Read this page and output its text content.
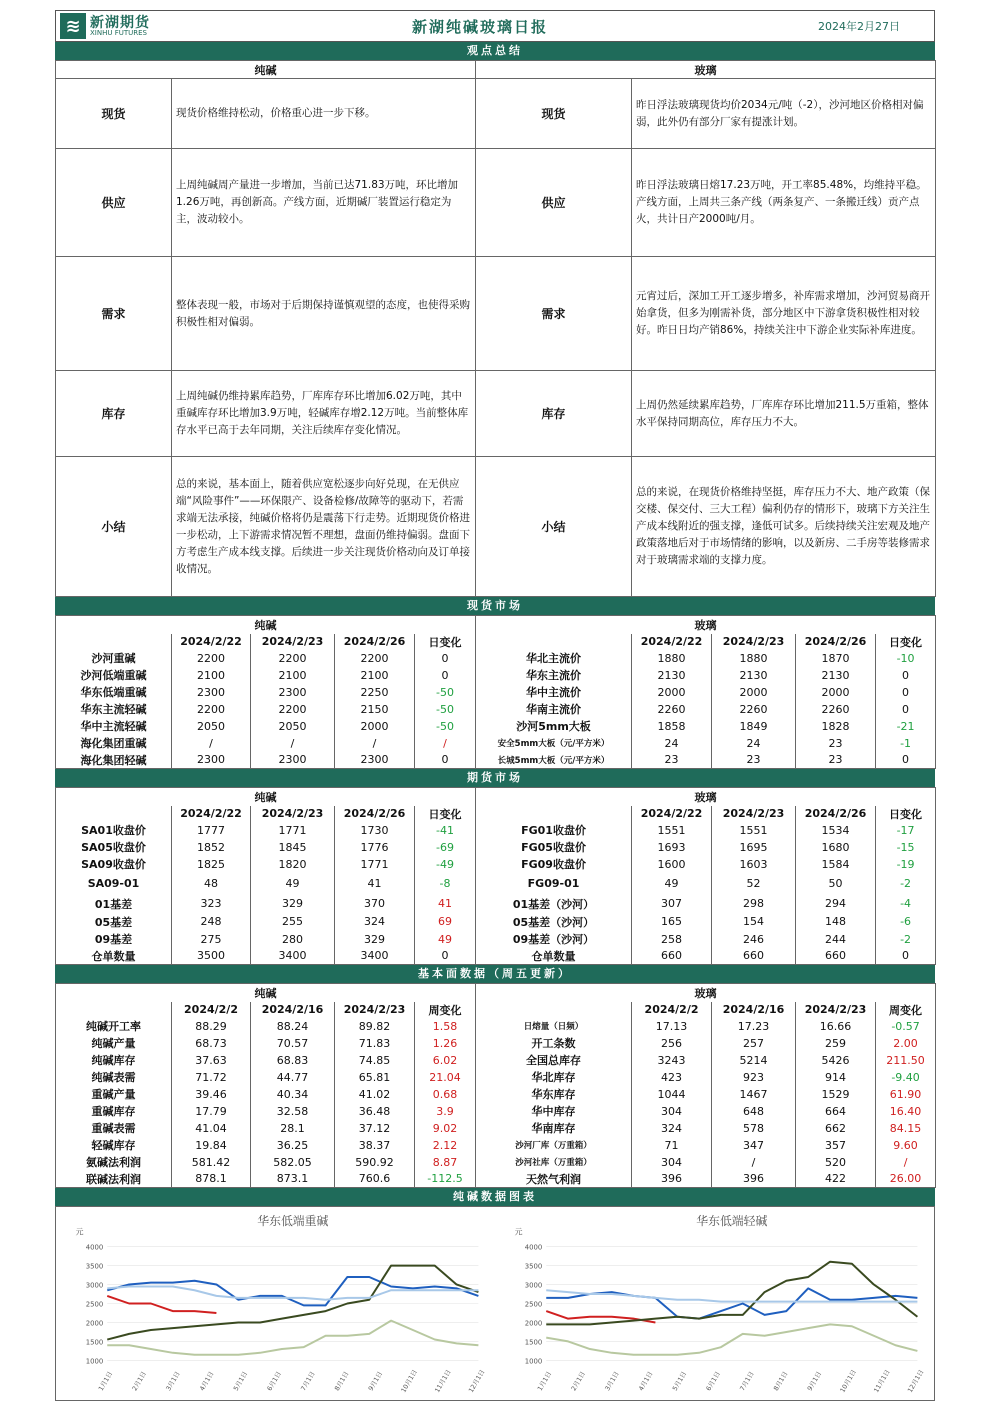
≋ 新湖期货
XINHU FUTURES	新湖纯碱玻璃日报	2024年2月27日
观点总结
纯碱		玻璃	
现货	现货价格维持松动，价格重心进一步下移。	现货	昨日浮法玻璃现货均价2034元/吨（-2），沙河地区价格相对偏弱，此外仍有部分厂家有提涨计划。
供应	上周纯碱周产量进一步增加，当前已达71.83万吨，环比增加1.26万吨，再创新高。产线方面，近期碱厂装置运行稳定为主，波动较小。	供应	昨日浮法玻璃日熔17.23万吨，开工率85.48%，均维持平稳。产线方面，上周共三条产线（两条复产、一条搬迁线）贡产点火，共计日产2000吨/月。
需求	整体表现一般，市场对于后期保持谨慎观望的态度，也使得采购积极性相对偏弱。	需求	元宵过后，深加工开工逐步增多，补库需求增加，沙河贸易商开始拿货，但多为刚需补货，部分地区中下游拿货积极性相对较好。昨日日均产销86%，持续关注中下游企业实际补库进度。
库存	上周纯碱仍维持累库趋势，厂库库存环比增加6.02万吨，其中重碱库存环比增加3.9万吨，轻碱库存增2.12万吨。当前整体库存水平已高于去年同期，关注后续库存变化情况。	库存	上周仍然延续累库趋势，厂库库存环比增加211.5万重箱，整体水平保持同期高位，库存压力不大。
小结	总的来说，基本面上，随着供应宽松逐步向好兑现，在无供应端“风险事件”——环保限产、设备检修/故障等的驱动下，若需求端无法承接，纯碱价格将仍是震荡下行走势。近期现货价格进一步松动，上下游需求情况暂不理想，盘面仍维持偏弱。盘面下方考虑生产成本线支撑。后续进一步关注现货价格动向及订单接收情况。	小结	总的来说，在现货价格维持坚挺，库存压力不大、地产政策（保交楼、保交付、三大工程）偏利仍存的情形下，玻璃下方关注生产成本线附近的强支撑，逢低可试多。后续持续关注宏观及地产政策落地后对于市场情绪的影响，以及新房、二手房等装修需求对于玻璃需求端的支撑力度。
现货市场
纯碱					玻璃				
	2024/2/22	2024/2/23	2024/2/26	日变化		2024/2/22	2024/2/23	2024/2/26	日变化
沙河重碱	2200	2200	2200	0	华北主流价	1880	1880	1870	-10
沙河低端重碱	2100	2100	2100	0	华东主流价	2130	2130	2130	0
华东低端重碱	2300	2300	2250	-50	华中主流价	2000	2000	2000	0
华东主流轻碱	2200	2200	2150	-50	华南主流价	2260	2260	2260	0
华中主流轻碱	2050	2050	2000	-50	沙河5mm大板	1858	1849	1828	-21
海化集团重碱	/	/	/	/	安全5mm大板（元/平方米）	24	24	23	-1
海化集团轻碱	2300	2300	2300	0	长城5mm大板（元/平方米）	23	23	23	0
期货市场
纯碱					玻璃				
	2024/2/22	2024/2/23	2024/2/26	日变化		2024/2/22	2024/2/23	2024/2/26	日变化
SA01收盘价	1777	1771	1730	-41	FG01收盘价	1551	1551	1534	-17
SA05收盘价	1852	1845	1776	-69	FG05收盘价	1693	1695	1680	-15
SA09收盘价	1825	1820	1771	-49	FG09收盘价	1600	1603	1584	-19
SA09-01	48	49	41	-8	FG09-01	49	52	50	-2
01基差	323	329	370	41	01基差（沙河）	307	298	294	-4
05基差	248	255	324	69	05基差（沙河）	165	154	148	-6
09基差	275	280	329	49	09基差（沙河）	258	246	244	-2
仓单数量	3500	3400	3400	0	仓单数量	660	660	660	0
基本面数据（周五更新）
纯碱					玻璃				
	2024/2/2	2024/2/16	2024/2/23	周变化		2024/2/2	2024/2/16	2024/2/23	周变化
纯碱开工率	88.29	88.24	89.82	1.58	日熔量（日频）	17.13	17.23	16.66	-0.57
纯碱产量	68.73	70.57	71.83	1.26	开工条数	256	257	259	2.00
纯碱库存	37.63	68.83	74.85	6.02	全国总库存	3243	5214	5426	211.50
纯碱表需	71.72	44.77	65.81	21.04	华北库存	423	923	914	-9.40
重碱产量	39.46	40.34	41.02	0.68	华东库存	1044	1467	1529	61.90
重碱库存	17.79	32.58	36.48	3.9	华中库存	304	648	664	16.40
重碱表需	41.04	28.1	37.12	9.02	华南库存	324	578	662	84.15
轻碱库存	19.84	36.25	38.37	2.12	沙河厂库（万重箱）	71	347	357	9.60
氨碱法利润	581.42	582.05	590.92	8.87	沙河社库（万重箱）	304	/	520	/
联碱法利润	878.1	873.1	760.6	-112.5	天然气利润	396	396	422	26.00
纯碱数据图表
华东低端重碱
元
4000
3500
3000
2500
2000
1500
1000
1月1日	2月1日	3月1日	4月1日	5月1日	6月1日	7月1日	8月1日	9月1日 10月1日 11月1日 12月1日
华东低端轻碱
元
4000
3500
3000
2500
2000
1500
1000
1月1日	2月1日	3月1日	4月1日	5月1日	6月1日	7月1日	8月1日	9月1日 10月1日 11月1日 12月1日
